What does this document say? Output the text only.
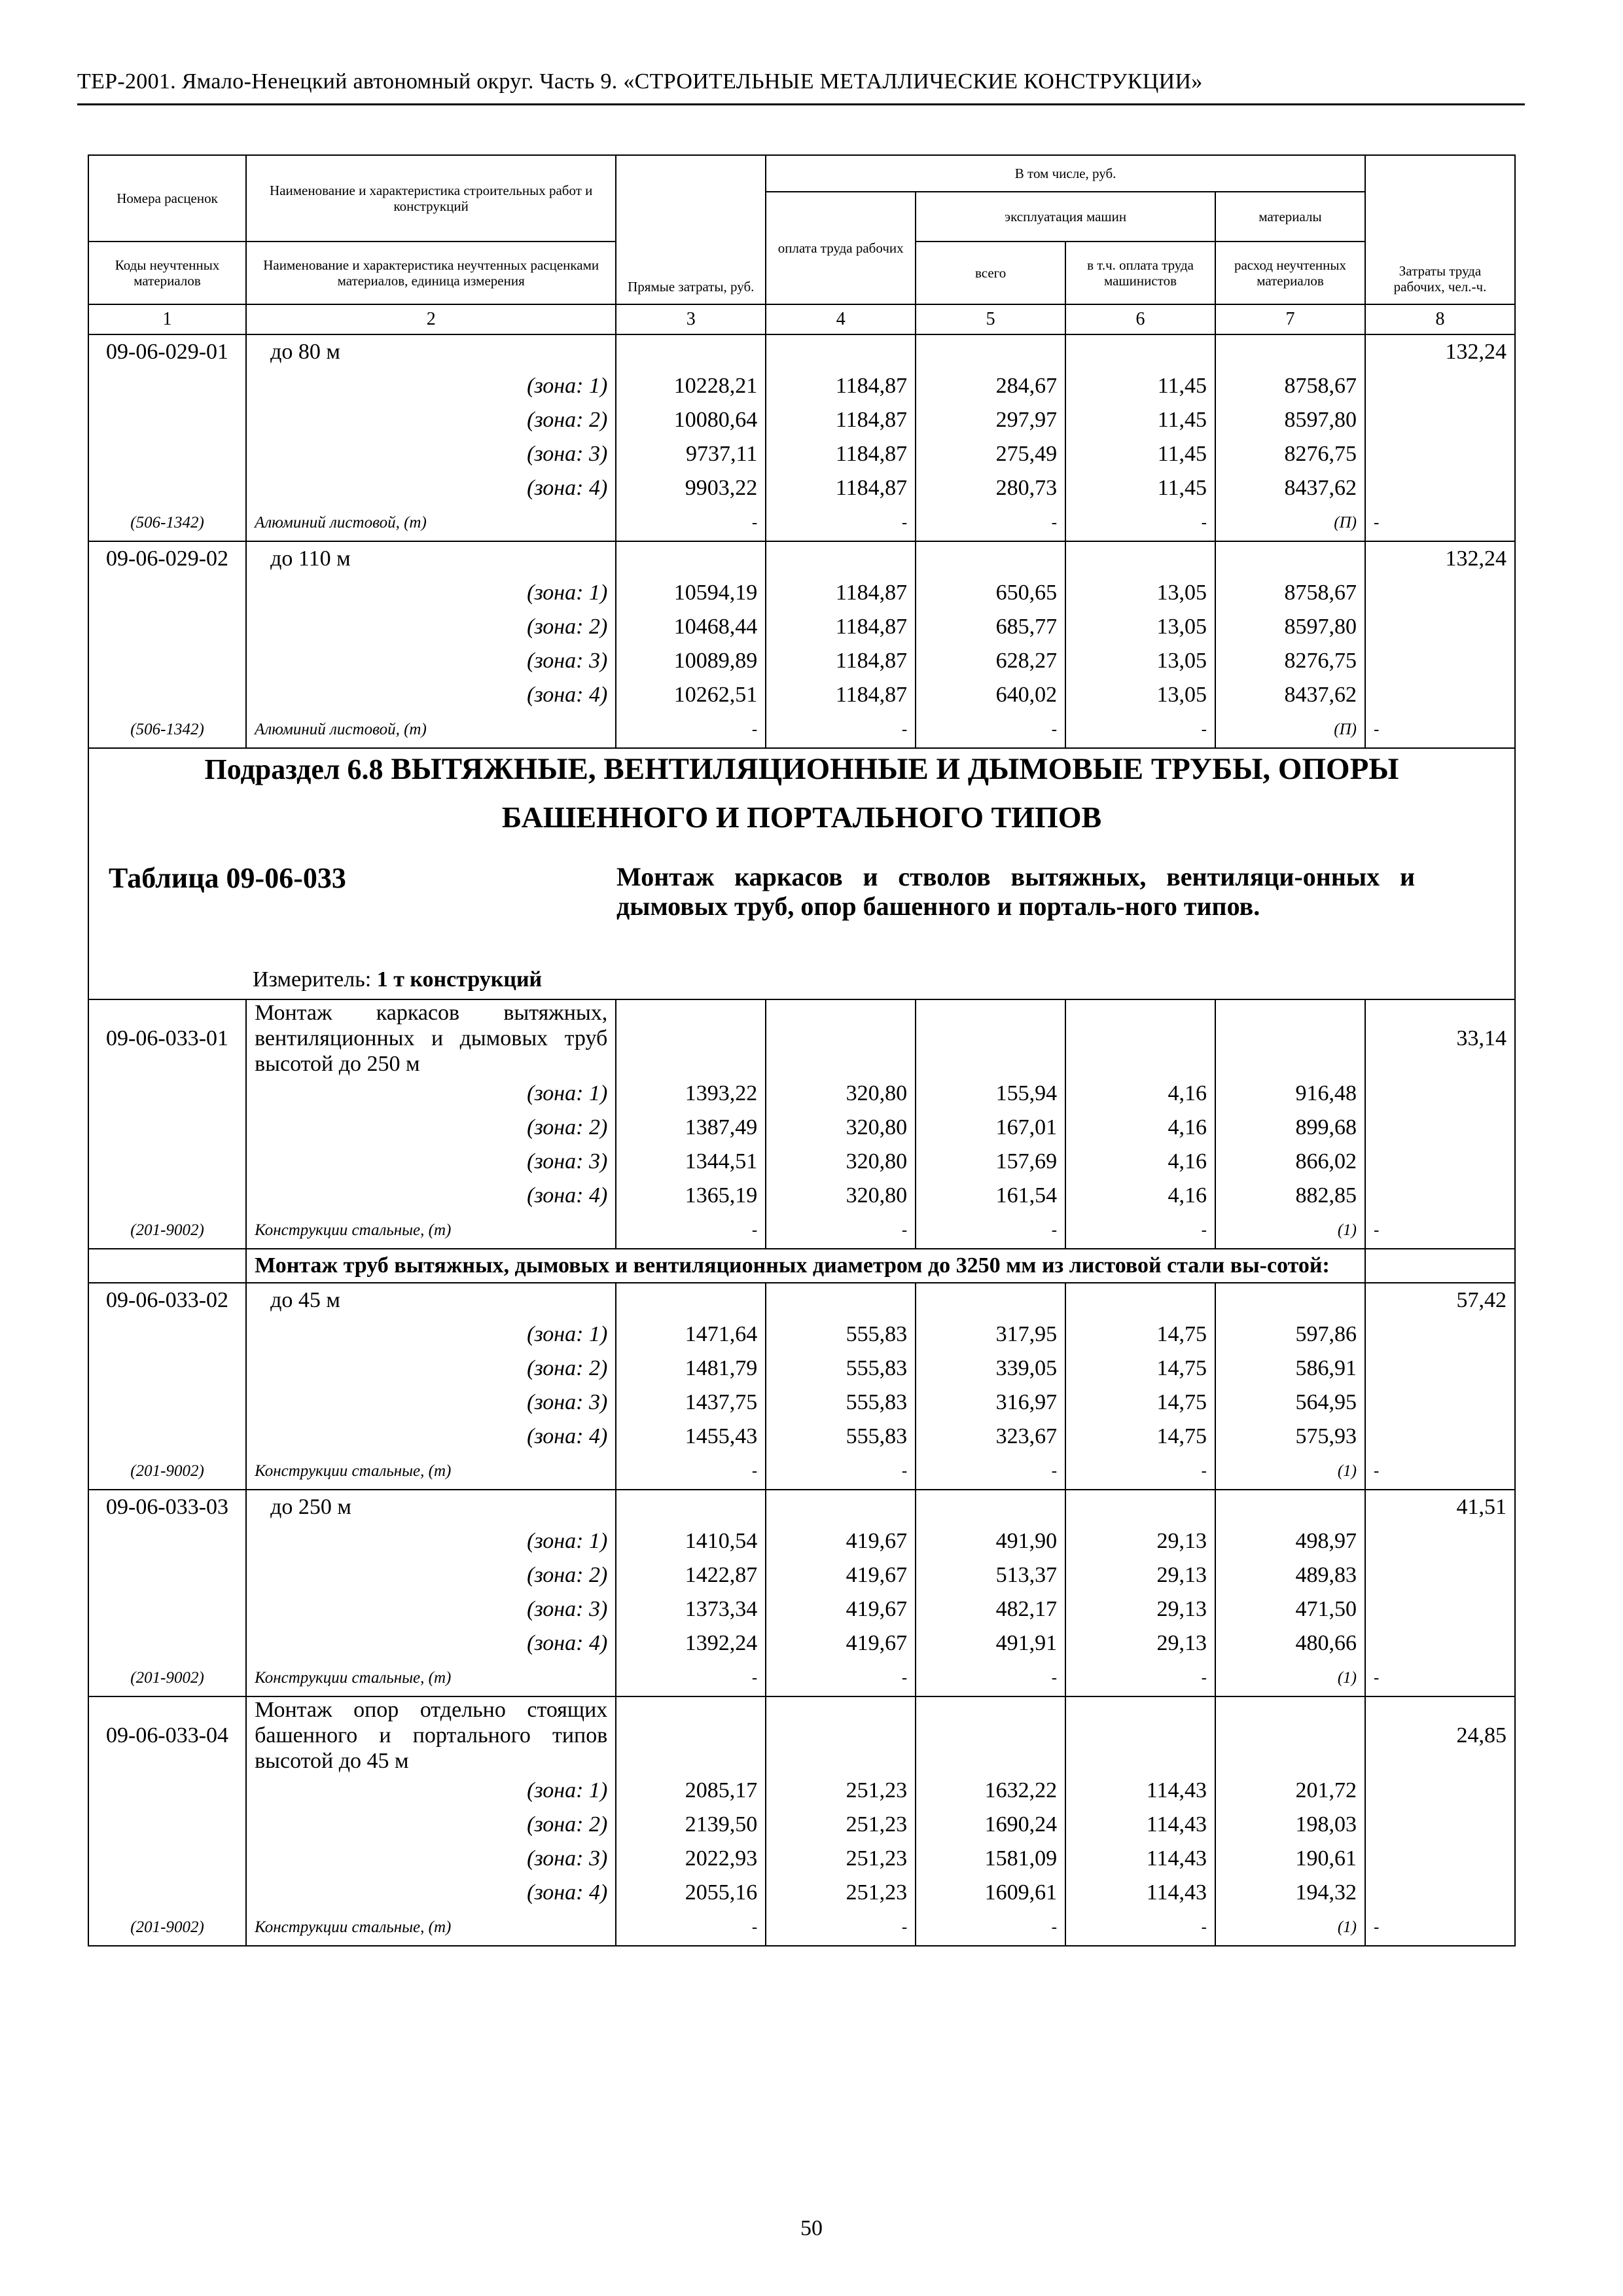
ТЕР-2001. Ямало-Ненецкий автономный округ. Часть 9. «СТРОИТЕЛЬНЫЕ МЕТАЛЛИЧЕСКИЕ КОНСТРУКЦИИ»
Номера расценок	Наименование и характеристика строительных работ и конструкций	Прямые затраты, руб.	В том числе, руб.				Затраты труда рабочих, чел.-ч.
			оплата труда рабочих	эксплуатация машин		материалы	
Коды неучтенных материалов	Наименование и характеристика неучтенных расценками материалов, единица измерения			всего	в т.ч. оплата труда машинистов	расход неучтенных материалов	
1	2	3	4	5	6	7	8
09-06-029-01	до 80 м						132,24
	(зона: 1)	10228,21	1184,87	284,67	11,45	8758,67	
	(зона: 2)	10080,64	1184,87	297,97	11,45	8597,80	
	(зона: 3)	9737,11	1184,87	275,49	11,45	8276,75	
	(зона: 4)	9903,22	1184,87	280,73	11,45	8437,62	
(506-1342)	Алюминий листовой, (т)	-	-	-	-	(П)	-
09-06-029-02	до 110 м						132,24
	(зона: 1)	10594,19	1184,87	650,65	13,05	8758,67	
	(зона: 2)	10468,44	1184,87	685,77	13,05	8597,80	
	(зона: 3)	10089,89	1184,87	628,27	13,05	8276,75	
	(зона: 4)	10262,51	1184,87	640,02	13,05	8437,62	
(506-1342)	Алюминий листовой, (т)	-	-	-	-	(П)	-

Подраздел 6.8 ВЫТЯЖНЫЕ, ВЕНТИЛЯЦИОННЫЕ И ДЫМОВЫЕ ТРУБЫ, ОПОРЫ
БАШЕННОГО И ПОРТАЛЬНОГО ТИПОВ
Таблица 09-06-033 Монтаж каркасов и стволов вытяжных, вентиляци-онных и дымовых труб, опор башенного и порталь-ного типов.
Измеритель: 1 т конструкций							

09-06-033-01	Монтаж каркасов вытяжных, вентиляционных и дымовых труб высотой до 250 м						33,14
	(зона: 1)	1393,22	320,80	155,94	4,16	916,48	
	(зона: 2)	1387,49	320,80	167,01	4,16	899,68	
	(зона: 3)	1344,51	320,80	157,69	4,16	866,02	
	(зона: 4)	1365,19	320,80	161,54	4,16	882,85	
(201-9002)	Конструкции стальные, (т)	-	-	-	-	(1)	-
	Монтаж труб вытяжных, дымовых и вентиляционных диаметром до 3250 мм из листовой стали вы-сотой:						
09-06-033-02	до 45 м						57,42
	(зона: 1)	1471,64	555,83	317,95	14,75	597,86	
	(зона: 2)	1481,79	555,83	339,05	14,75	586,91	
	(зона: 3)	1437,75	555,83	316,97	14,75	564,95	
	(зона: 4)	1455,43	555,83	323,67	14,75	575,93	
(201-9002)	Конструкции стальные, (т)	-	-	-	-	(1)	-
09-06-033-03	до 250 м						41,51
	(зона: 1)	1410,54	419,67	491,90	29,13	498,97	
	(зона: 2)	1422,87	419,67	513,37	29,13	489,83	
	(зона: 3)	1373,34	419,67	482,17	29,13	471,50	
	(зона: 4)	1392,24	419,67	491,91	29,13	480,66	
(201-9002)	Конструкции стальные, (т)	-	-	-	-	(1)	-
09-06-033-04	Монтаж опор отдельно стоящих башенного и портального типов высотой до 45 м						24,85
	(зона: 1)	2085,17	251,23	1632,22	114,43	201,72	
	(зона: 2)	2139,50	251,23	1690,24	114,43	198,03	
	(зона: 3)	2022,93	251,23	1581,09	114,43	190,61	
	(зона: 4)	2055,16	251,23	1609,61	114,43	194,32	
(201-9002)	Конструкции стальные, (т)	-	-	-	-	(1)	-
50
